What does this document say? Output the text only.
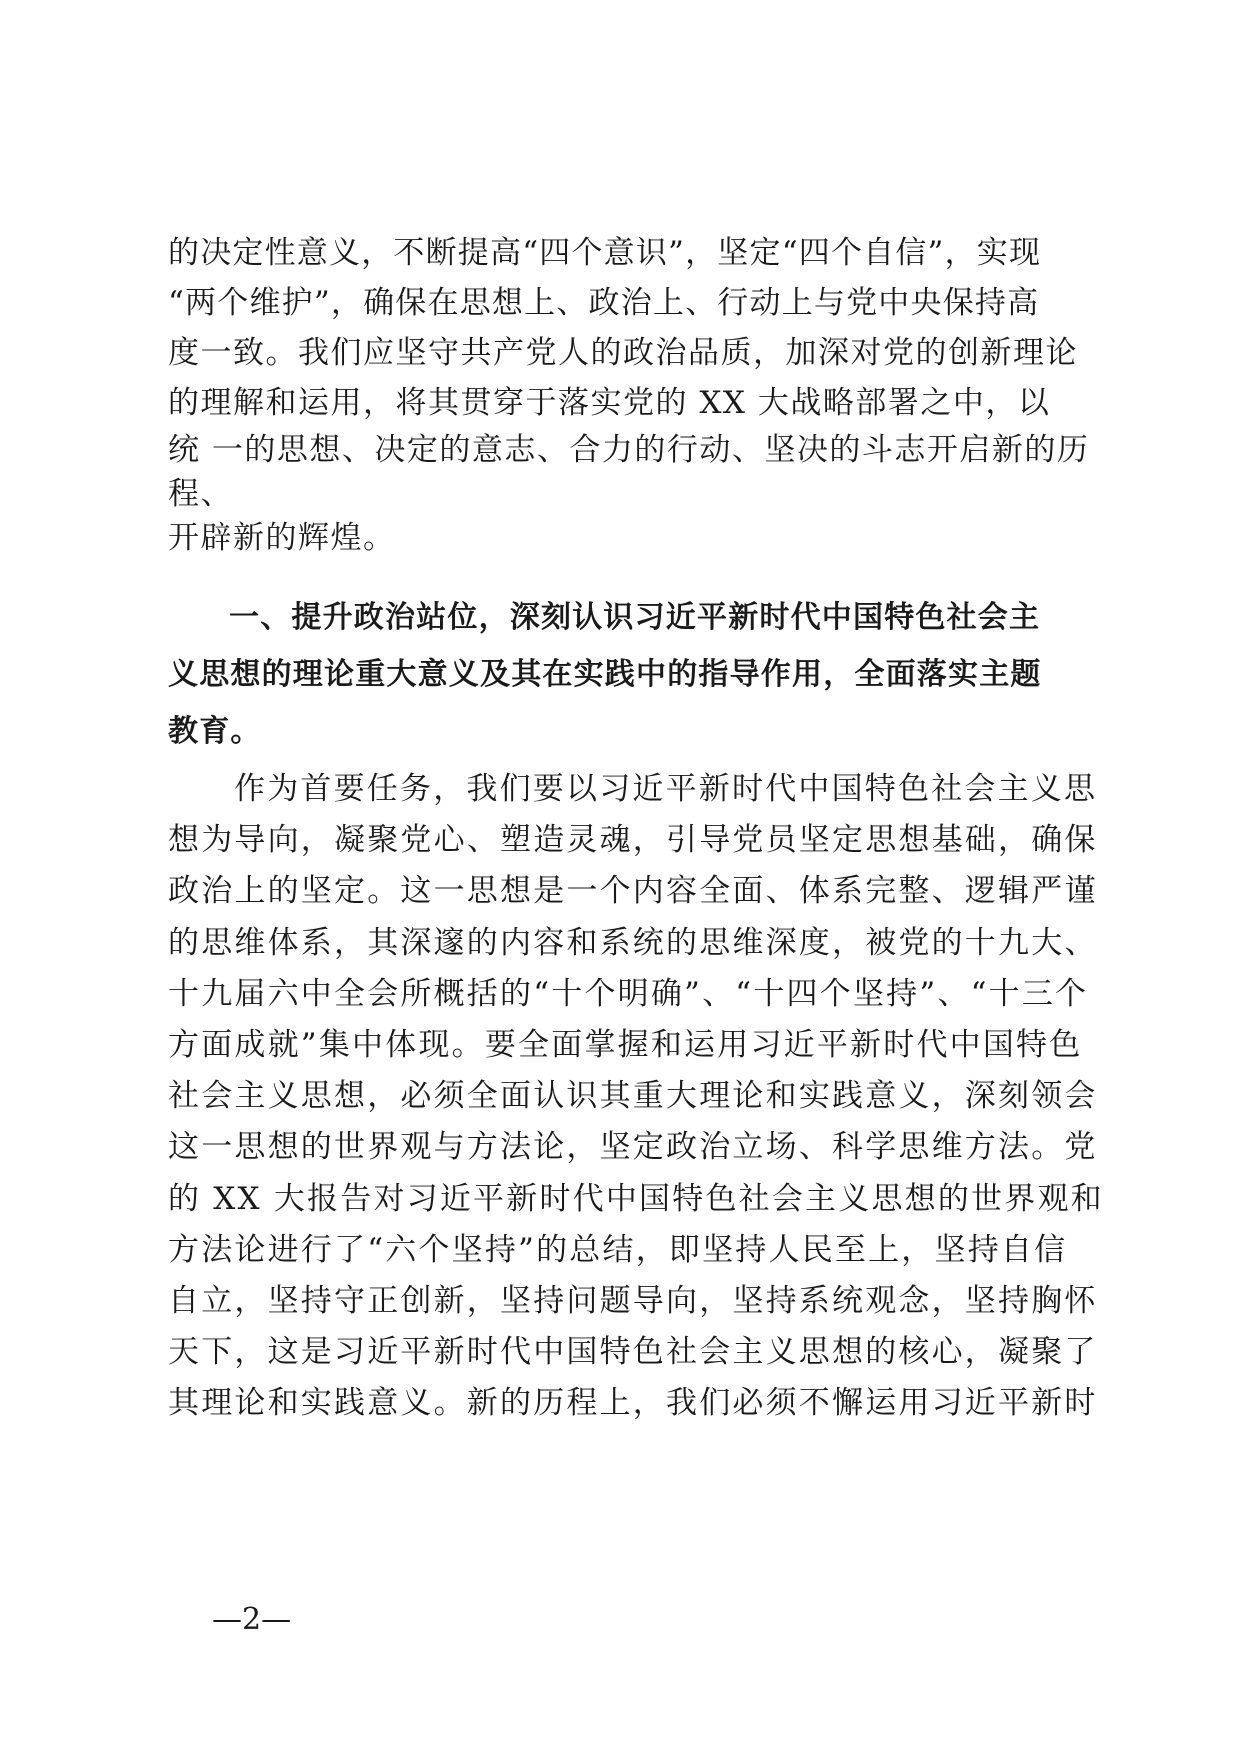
的决定性意义，不断提高“四个意识”，坚定“四个自信”，实现
“两个维护”，确保在思想上、政治上、行动上与党中央保持高
度一致。我们应坚守共产党人的政治品质，加深对党的创新理论
的理解和运用，将其贯穿于落实党的 XX 大战略部署之中，以
统 一的思想、决定的意志、合力的行动、坚决的斗志开启新的历
程、
开辟新的辉煌。
一、提升政治站位，深刻认识习近平新时代中国特色社会主
义思想的理论重大意义及其在实践中的指导作用，全面落实主题
教育。
作为首要任务，我们要以习近平新时代中国特色社会主义思
想为导向，凝聚党心、塑造灵魂，引导党员坚定思想基础，确保
政治上的坚定。这一思想是一个内容全面、体系完整、逻辑严谨
的思维体系，其深邃的内容和系统的思维深度，被党的十九大、
十九届六中全会所概括的“十个明确”、“十四个坚持”、“十三个
方面成就”集中体现。要全面掌握和运用习近平新时代中国特色
社会主义思想，必须全面认识其重大理论和实践意义，深刻领会
这一思想的世界观与方法论，坚定政治立场、科学思维方法。党
的 XX 大报告对习近平新时代中国特色社会主义思想的世界观和
方法论进行了“六个坚持”的总结，即坚持人民至上，坚持自信
自立，坚持守正创新，坚持问题导向，坚持系统观念，坚持胸怀
天下，这是习近平新时代中国特色社会主义思想的核心，凝聚了
其理论和实践意义。新的历程上，我们必须不懈运用习近平新时
—2—
